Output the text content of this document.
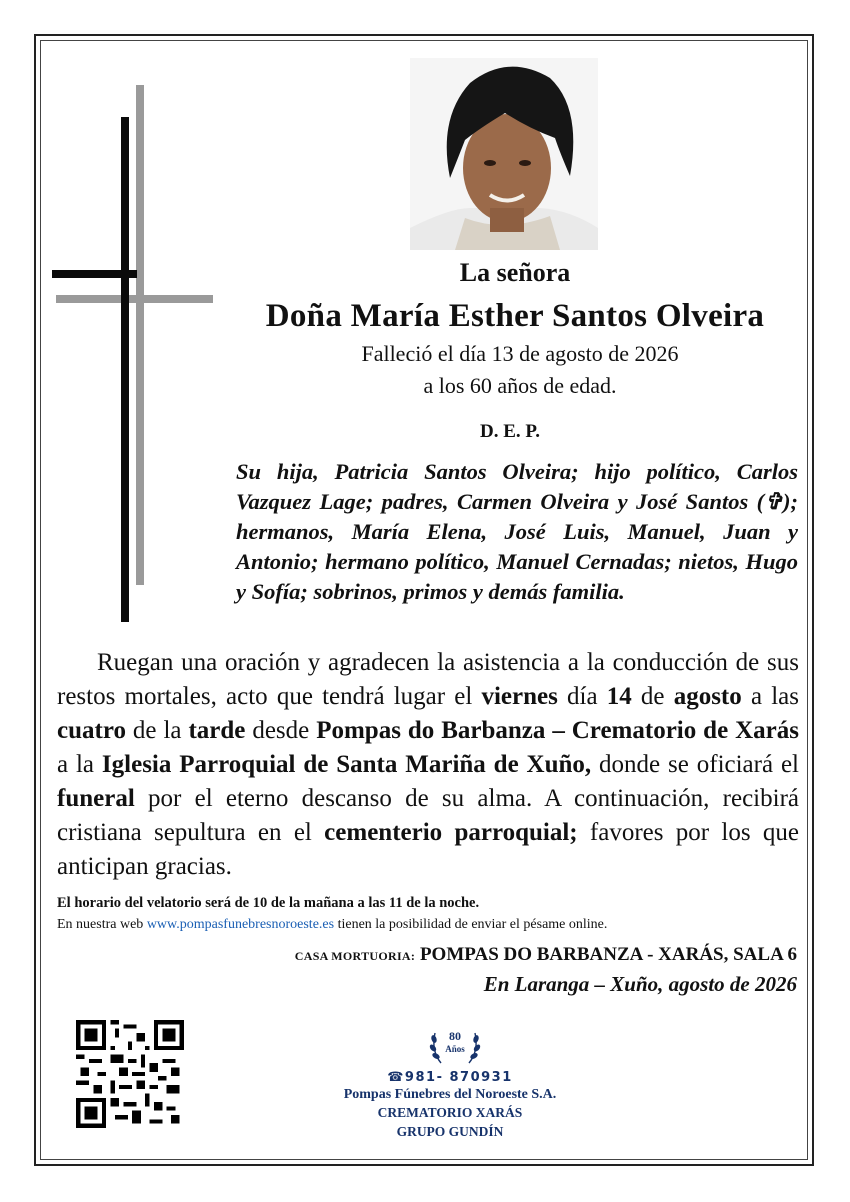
La señora
Doña María Esther Santos Olveira
Falleció el día 13 de agosto de 2026
a los 60 años de edad.
D. E. P.

Su hija, Patricia Santos Olveira; hijo político, Carlos Vazquez Lage; padres, Carmen Olveira y José Santos (✞); hermanos, María Elena, José Luis, Manuel, Juan y Antonio; hermano político, Manuel Cernadas; nietos, Hugo y Sofía; sobrinos, primos y demás familia.

Ruegan una oración y agradecen la asistencia a la conducción de sus restos mortales, acto que tendrá lugar el viernes día 14 de agosto a las cuatro de la tarde desde Pompas do Barbanza – Crematorio de Xarás a la Iglesia Parroquial de Santa Mariña de Xuño, donde se oficiará el funeral por el eterno descanso de su alma. A continuación, recibirá cristiana sepultura en el cementerio parroquial; favores por los que anticipan gracias.

El horario del velatorio será de 10 de la mañana a las 11 de la noche.
En nuestra web www.pompasfunebresnoroeste.es tienen la posibilidad de enviar el pésame online.
CASA MORTUORIA: POMPAS DO BARBANZA - XARÁS, SALA 6
En Laranga – Xuño, agosto de 2026
80
Años
☎981- 870931
Pompas Fúnebres del Noroeste S.A.
CREMATORIO XARÁS
GRUPO GUNDÍN
